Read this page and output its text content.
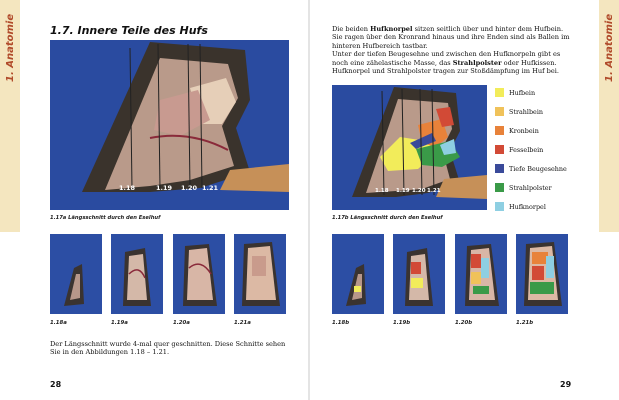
1. Anatomie	1.7. Innere Teile des Hufs
1.18	1.19 1.20 1.21
1.17a Längsschnitt durch den Eselhuf
1.18a	1.19a	1.20a	1.21a

Der Längsschnitt wurde 4-mal quer geschnitten. Diese Schnitte sehen

Sie in den Abbildungen 1.18 – 1.21.

28
1. Anatomie

Die beiden Hufknorpel sitzen seitlich über und hinter dem Hufbein.

Sie ragen über den Kronrand hinaus und ihre Enden sind als Ballen im

hinteren Hufbereich tastbar.

Unter der tiefen Beugesehne und zwischen den Hufknorpeln gibt es

noch eine zähelastische Masse, das Strahlpolster oder Hufkissen.

Hufknorpel und Strahlpolster tragen zur Stoßdämpfung im Huf bei.

1.18 1.19 1.20 1.21
1.17b Längsschnitt durch den Eselhuf
Hufbein
Strahlbein
Kronbein
Fesselbein
Tiefe Beugesehne
Strahlpolster
Hufknorpel
1.18b	1.19b	1.20b	1.21b
29
